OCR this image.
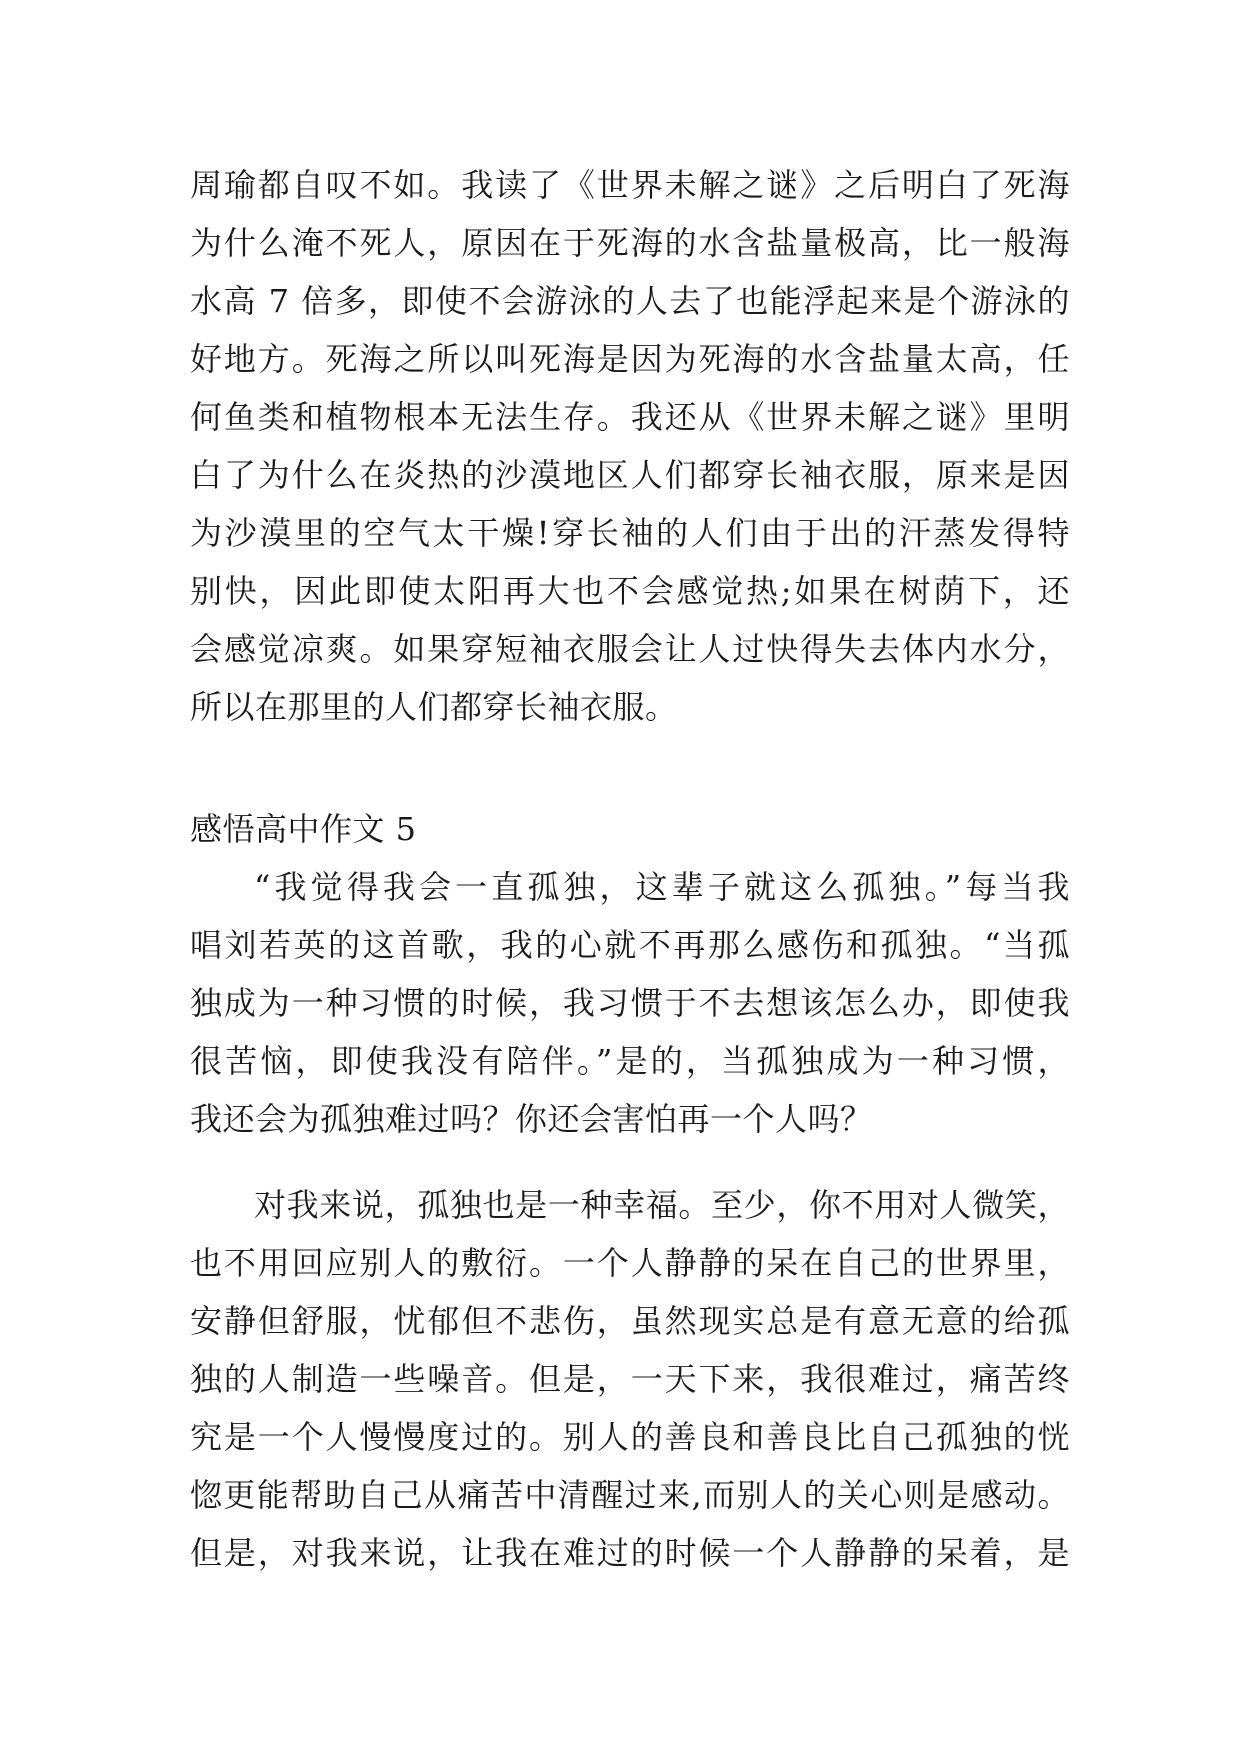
周瑜都自叹不如。我读了《世界未解之谜》之后明白了死海
为什么淹不死人，原因在于死海的水含盐量极高，比一般海
水高 7 倍多，即使不会游泳的人去了也能浮起来是个游泳的
好地方。死海之所以叫死海是因为死海的水含盐量太高，任
何鱼类和植物根本无法生存。我还从《世界未解之谜》里明
白了为什么在炎热的沙漠地区人们都穿长袖衣服，原来是因
为沙漠里的空气太干燥!穿长袖的人们由于出的汗蒸发得特
别快，因此即使太阳再大也不会感觉热;如果在树荫下，还
会感觉凉爽。如果穿短袖衣服会让人过快得失去体内水分，
所以在那里的人们都穿长袖衣服。
感悟高中作文 5
“我觉得我会一直孤独，这辈子就这么孤独。”每当我
唱刘若英的这首歌，我的心就不再那么感伤和孤独。“当孤
独成为一种习惯的时候，我习惯于不去想该怎么办，即使我
很苦恼，即使我没有陪伴。”是的，当孤独成为一种习惯，
我还会为孤独难过吗？你还会害怕再一个人吗？
对我来说，孤独也是一种幸福。至少，你不用对人微笑，
也不用回应别人的敷衍。一个人静静的呆在自己的世界里，
安静但舒服，忧郁但不悲伤，虽然现实总是有意无意的给孤
独的人制造一些噪音。但是，一天下来，我很难过，痛苦终
究是一个人慢慢度过的。别人的善良和善良比自己孤独的恍
惚更能帮助自己从痛苦中清醒过来,而别人的关心则是感动。
但是，对我来说，让我在难过的时候一个人静静的呆着，是
